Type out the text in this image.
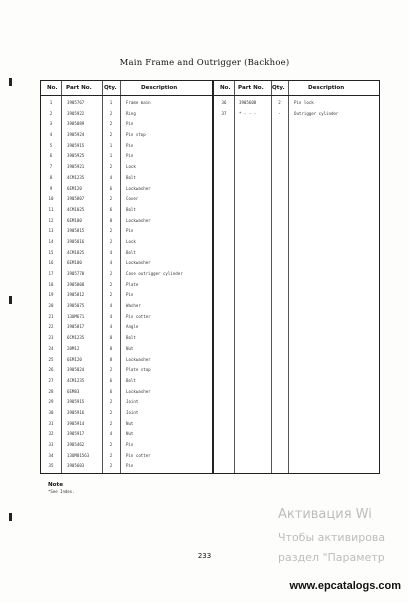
Main Frame and Outrigger (Backhoe)
No. Part No. Qty.	Description
1	3905767	1	Frame main
2	3905922	2	Ring
3	3905089	2	Pin
4	3905924	2	Pin stop
5	3905915	1	Pin
6	3905925	1	Pin
7	3905921	2	Lock
8	4CM1235	4	Bolt
9	6EM120	6	Lockwasher
10	3905807	2	Cover
11	4CM1025	6	Bolt
12	6EM100	8	Lockwasher
13	3905815	2	Pin
14	3905816	2	Lock
15	4CM1025	4	Bolt
16	6EM100	4	Lockwasher
17	3905770	2	Case outrigger cylinder
18	3905808	2	Plate
19	3905812	2	Pin
20	3905075	4	Washer
21	13UM671	4	Pin cotter
22	3905817	4	Angle
23	6CM1235	8	Bolt
24	20M12	8	Nut
25	6EM120	8	Lockwasher
26	3905824	2	Plate stop
27	4CM1235	6	Bolt
28	6EM83	6	Lockwasher
29	3905915	2	Joint
30	3905916	2	Joint
31	3905914	2	Nut
32	3905917	4	Nut
33	3905462	2	Pin
34	13UM01563	2	Pin cotter
35	3905603	2	Pin
No. Part No. Qty.	Description
36	3905608	2	Pin lock
37	* - - -	-	Outrigger cylinder
Note
*See Index.
233
Активация Wi
Чтобы активирова
раздел "Параметр
www.epcatalogs.com
